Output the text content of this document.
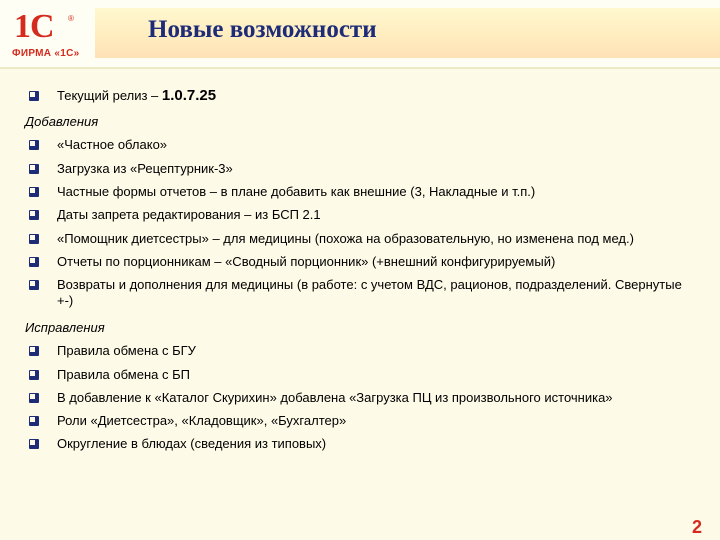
1С ®
ФИРМА «1С»
Новые возможности
Текущий релиз – 1.0.7.25
Добавления
«Частное облако»
Загрузка из «Рецептурник-3»
Частные формы отчетов – в плане добавить как внешние (3, Накладные и т.п.)
Даты запрета редактирования – из БСП 2.1
«Помощник диетсестры» – для медицины (похожа на образовательную, но изменена под мед.)
Отчеты по порционникам – «Сводный порционник» (+внешний конфигурируемый)
Возвраты и дополнения для медицины (в работе: с учетом ВДС, рационов, подразделений. Свернутые +-)
Исправления
Правила обмена с БГУ
Правила обмена с БП
В добавление к «Каталог Скурихин» добавлена «Загрузка ПЦ из произвольного источника»
Роли «Диетсестра», «Кладовщик», «Бухгалтер»
Округление в блюдах (сведения из типовых)
2
